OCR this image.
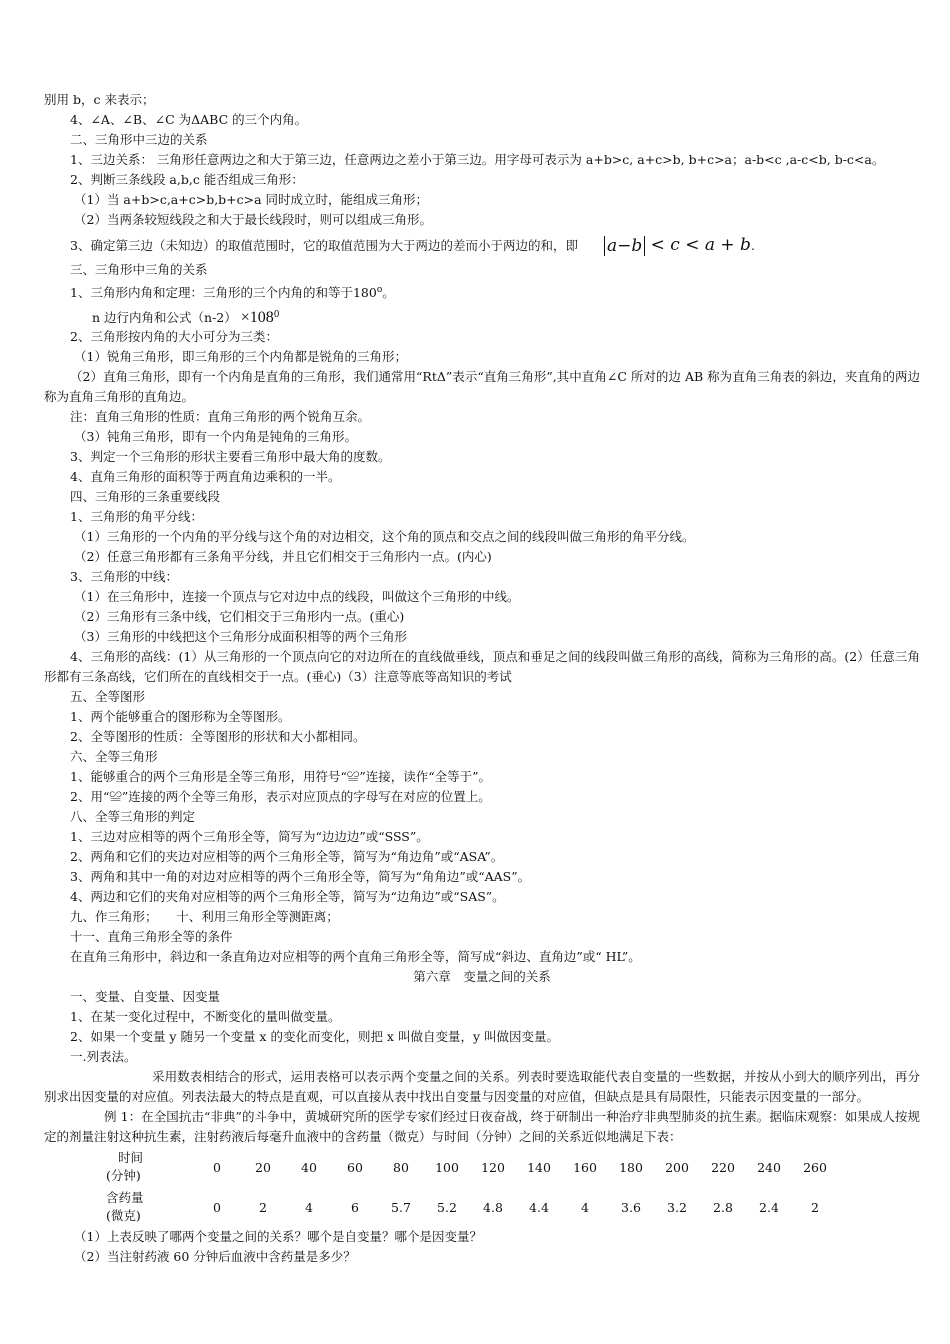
别用 b，c 来表示；
4、∠A、∠B、∠C 为ΔABC 的三个内角。
二、三角形中三边的关系
1、三边关系： 三角形任意两边之和大于第三边，任意两边之差小于第三边。用字母可表示为 a+b>c, a+c>b, b+c>a；a-b<c ,a-c<b, b-c<a。
2、判断三条线段 a,b,c 能否组成三角形：
（1）当 a+b>c,a+c>b,b+c>a 同时成立时，能组成三角形；
（2）当两条较短线段之和大于最长线段时，则可以组成三角形。
3、确定第三边（未知边）的取值范围时，它的取值范围为大于两边的差而小于两边的和，即 a−b < c < a + b.
三、三角形中三角的关系
1、三角形内角和定理：三角形的三个内角的和等于180$^o$。
n 边行内角和公式$(n-2) \times 108^0$
2、三角形按内角的大小可分为三类：
（1）锐角三角形，即三角形的三个内角都是锐角的三角形；
（2）直角三角形，即有一个内角是直角的三角形，我们通常用“RtΔ”表示“直角三角形”,其中直角∠C 所对的边 AB 称为直角三角表的斜边，夹直角的两边称为直角三角形的直角边。
注：直角三角形的性质：直角三角形的两个锐角互余。
（3）钝角三角形，即有一个内角是钝角的三角形。
3、判定一个三角形的形状主要看三角形中最大角的度数。
4、直角三角形的面积等于两直角边乘积的一半。
四、三角形的三条重要线段
1、三角形的角平分线：
（1）三角形的一个内角的平分线与这个角的对边相交，这个角的顶点和交点之间的线段叫做三角形的角平分线。
（2）任意三角形都有三条角平分线，并且它们相交于三角形内一点。(内心)
3、三角形的中线：
（1）在三角形中，连接一个顶点与它对边中点的线段，叫做这个三角形的中线。
（2）三角形有三条中线，它们相交于三角形内一点。(重心)
（3）三角形的中线把这个三角形分成面积相等的两个三角形
4、三角形的高线：(1）从三角形的一个顶点向它的对边所在的直线做垂线，顶点和垂足之间的线段叫做三角形的高线，简称为三角形的高。(2）任意三角形都有三条高线，它们所在的直线相交于一点。(垂心)（3）注意等底等高知识的考试
五、全等图形
1、两个能够重合的图形称为全等图形。
2、全等图形的性质：全等图形的形状和大小都相同。
六、全等三角形
1、能够重合的两个三角形是全等三角形，用符号“≌”连接，读作“全等于”。
2、用“≌”连接的两个全等三角形，表示对应顶点的字母写在对应的位置上。
八、全等三角形的判定
1、三边对应相等的两个三角形全等，简写为“边边边”或“SSS”。
2、两角和它们的夹边对应相等的两个三角形全等，简写为“角边角”或“ASA”。
3、两角和其中一角的对边对应相等的两个三角形全等，简写为“角角边”或“AAS”。
4、两边和它们的夹角对应相等的两个三角形全等，简写为“边角边”或“SAS”。
九、作三角形；　　十、利用三角形全等测距离；
十一、直角三角形全等的条件
在直角三角形中，斜边和一条直角边对应相等的两个直角三角形全等，简写成“斜边、直角边”或“ HL”。
第六章　变量之间的关系
一、变量、自变量、因变量
1、在某一变化过程中，不断变化的量叫做变量。
2、如果一个变量 y 随另一个变量 x 的变化而变化，则把 x 叫做自变量，y 叫做因变量。
一.列表法。
采用数表相结合的形式，运用表格可以表示两个变量之间的关系。列表时要选取能代表自变量的一些数据，并按从小到大的顺序列出，再分别求出因变量的对应值。列表法最大的特点是直观，可以直接从表中找出自变量与因变量的对应值，但缺点是具有局限性，只能表示因变量的一部分。
例 1：在全国抗击“非典”的斗争中，黄城研究所的医学专家们经过日夜奋战，终于研制出一种治疗非典型肺炎的抗生素。据临床观察：如果成人按规定的剂量注射这种抗生素，注射药液后每毫升血液中的含药量（微克）与时间（分钟）之间的关系近似地满足下表：
时间
(分钟)	0	20	40	60	80	100	120	140	160	180	200	220	240	260

含药量
(微克)	0	2	4	6	5.7	5.2	4.8	4.4	4	3.6	3.2	2.8	2.4	2
（1）上表反映了哪两个变量之间的关系？哪个是自变量？哪个是因变量？
（2）当注射药液 60 分钟后血液中含药量是多少？
